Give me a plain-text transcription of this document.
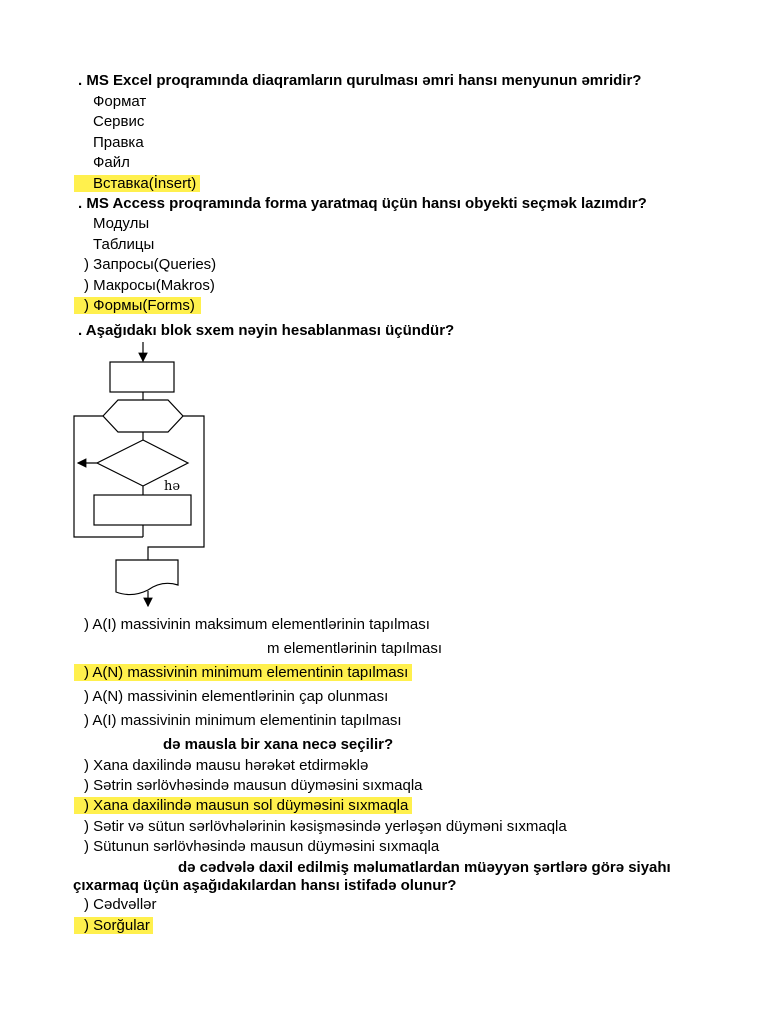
. MS Excel proqramında diaqramların qurulması əmri hansı menyunun əmridir?
Формат
Сервис
Правка
Файл
Вставка(İnsert)
. MS Access proqramında forma yaratmaq üçün hansı obyekti seçmək lazımdır?
Модулы
Таблицы
) Запросы(Queries)
) Макросы(Makros)
) Формы(Forms)
. Aşağıdakı blok sxem nəyin hesablanması üçündür?
hə
) A(I) massivinin maksimum elementlərinin tapılması
m elementlərinin tapılması
) A(N) massivinin minimum elementinin tapılması
) A(N) massivinin elementlərinin çap olunması
) A(I) massivinin minimum elementinin tapılması
də mausla bir xana necə seçilir?
) Xana daxilində mausu hərəkət etdirməklə
) Sətrin sərlövhəsində mausun düyməsini sıxmaqla
) Xana daxilində mausun sol düyməsini sıxmaqla
) Sətir və sütun sərlövhələrinin kəsişməsində yerləşən düyməni sıxmaqla
) Sütunun sərlövhəsində mausun düyməsini sıxmaqla
də cədvələ daxil edilmiş məlumatlardan müəyyən şərtlərə görə siyahı
çıxarmaq üçün aşağıdakılardan hansı istifadə olunur?
) Cədvəllər
) Sorğular
